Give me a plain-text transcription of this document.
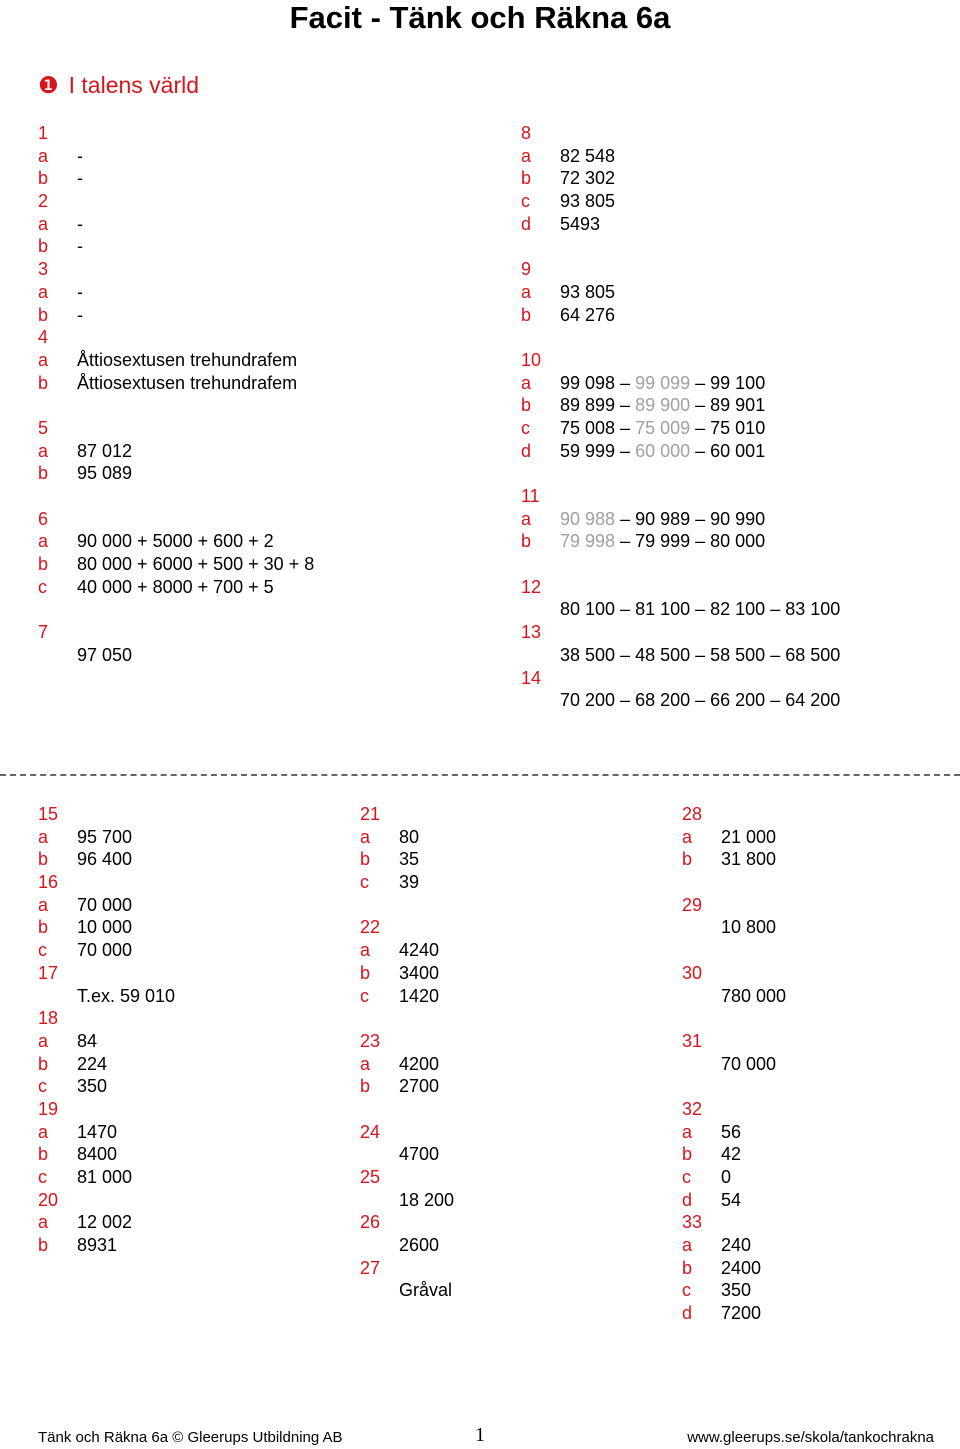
Facit - Tänk och Räkna 6a
❶ I talens värld
1
a	-
b	-
2
a	-
b	-
3
a	-
b	-
4
a	Åttiosextusen trehundrafem
b	Åttiosextusen trehundrafem
5
a	87 012
b	95 089
6
a	90 000 + 5000 + 600 + 2
b	80 000 + 6000 + 500 + 30 + 8
c	40 000 + 8000 + 700 + 5
7
97 050
8
a	82 548
b	72 302
c	93 805
d	5493
9
a	93 805
b	64 276
10
a	99 098 – 99 099 – 99 100
b	89 899 – 89 900 – 89 901
c	75 008 – 75 009 – 75 010
d	59 999 – 60 000 – 60 001
11
a	90 988 – 90 989 – 90 990
b	79 998 – 79 999 – 80 000
12
80 100 – 81 100 – 82 100 – 83 100
13
38 500 – 48 500 – 58 500 – 68 500
14
70 200 – 68 200 – 66 200 – 64 200
15
a	95 700
b	96 400
16
a	70 000
b	10 000
c	70 000
17
T.ex. 59 010
18
a	84
b	224
c	350
19
a	1470
b	8400
c	81 000
20
a	12 002
b	8931
21
a	80
b	35
c	39
22
a	4240
b	3400
c	1420
23
a	4200
b	2700
24
4700
25
18 200
26
2600
27
Gråval
28
a	21 000
b	31 800
29
10 800
30
780 000
31
70 000
32
a	56
b	42
c	0
d	54
33
a	240
b	2400
c	350
d	7200
Tänk och Räkna 6a © Gleerups Utbildning AB	1	www.gleerups.se/skola/tankochrakna
